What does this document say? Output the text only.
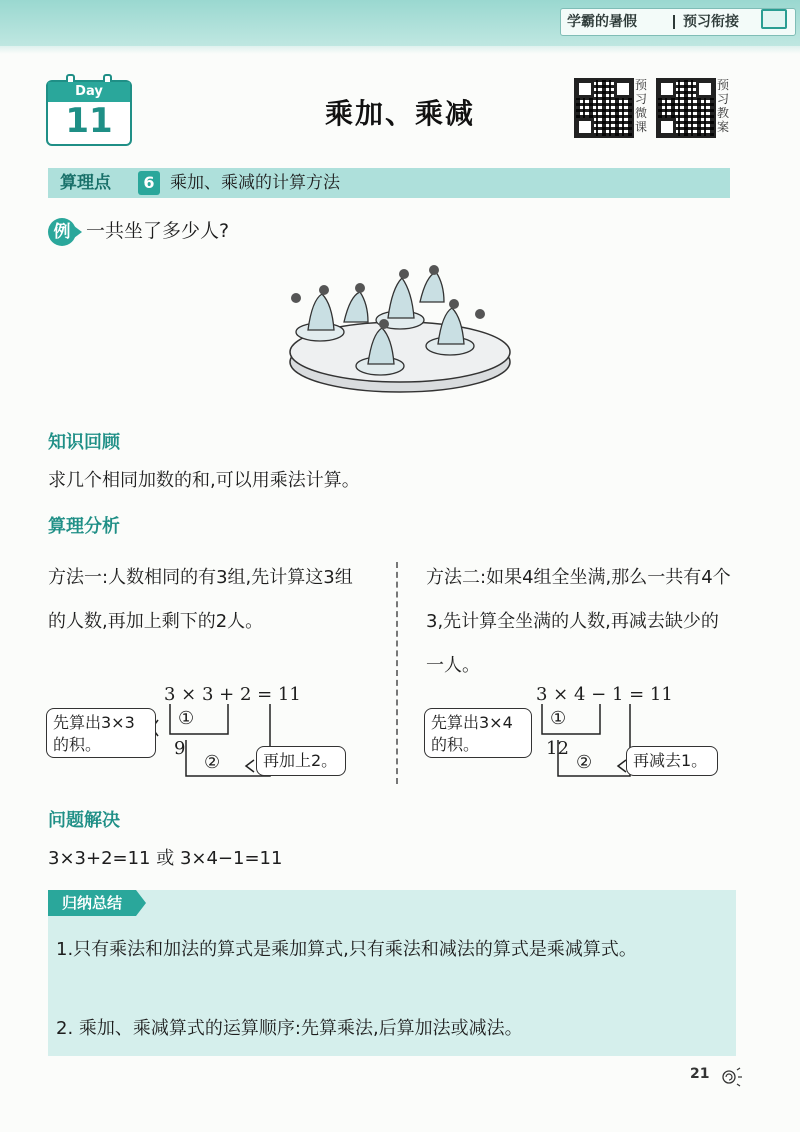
学霸的暑假	预习衔接
Day
11	乘加、乘减
预习微课
预习教案
算理点	6 乘加、乘减的计算方法
例 一共坐了多少人?
知识回顾
求几个相同加数的和,可以用乘法计算。
算理分析
方法一:人数相同的有3组,先计算这3组的人数,再加上剩下的2人。
方法二:如果4组全坐满,那么一共有4个3,先计算全坐满的人数,再减去缺少的一人。
3 × 3 + 2 = 11
先算出3×3的积。
①
9
②	再加上2。
3 × 4 − 1 = 11
先算出3×4的积。
①
12
②	再减去1。
问题解决
3×3+2=11 或 3×4−1=11
归纳总结
1.只有乘法和加法的算式是乘加算式,只有乘法和减法的算式是乘减算式。
2. 乘加、乘减算式的运算顺序:先算乘法,后算加法或减法。
21
